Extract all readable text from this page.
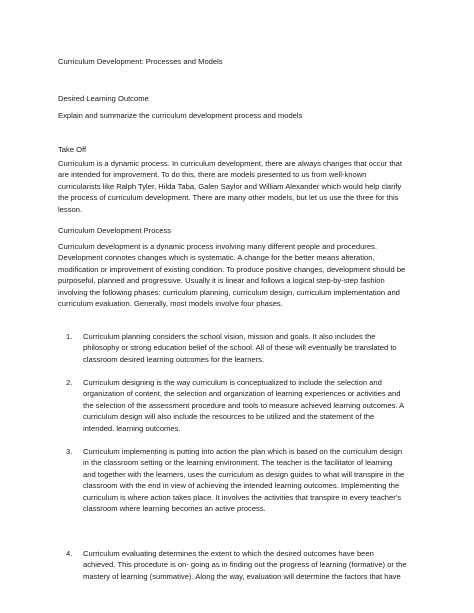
Curriculum Development: Processes and Models
Desired Learning Outcome
Explain and summarize the curriculum development process and models
Take Off
Curriculum is a dynamic process. In curriculum development, there are always changes that occur that
are intended for improvement. To do this, there are models presented to us from well-known
curricularists like Ralph Tyler, Hilda Taba, Galen Saylor and William Alexander which would help clarify
the process of curriculum development. There are many other models, but let us use the three for this
lesson.
Curriculum Development Process
Curriculum development is a dynamic process involving many different people and procedures.
Development connotes changes which is systematic. A change for the better means alteration,
modification or improvement of existing condition. To produce positive changes, development should be
purposeful, planned and progressive. Usually it is linear and follows a logical step-by-step fashion
involving the following phases: curriculum planning, curriculum design, curriculum implementation and
curriculum evaluation. Generally, most models involve four phases.
1. Curriculum planning considers the school vision, mission and goals. It also includes the
philosophy or strong education belief of the school. All of these will eventually be translated to
classroom desired learning outcomes for the learners.
2. Curriculum designing is the way curriculum is conceptualized to include the selection and
organization of content, the selection and organization of learning experiences or activities and
the selection of the assessment procedure and tools to measure achieved learning outcomes. A
curriculum design will also include the resources to be utilized and the statement of the
intended. learning outcomes.
3. Curriculum implementing is putting into action the plan which is based on the curriculum design
in the classroom setting or the learning environment. The teacher is the facilitator of learning
and together with the learners, uses the curriculum as design guides to what will transpire in the
classroom with the end in view of achieving the intended learning outcomes. Implementing the
curriculum is where action takes place. It involves the activities that transpire in every teacher's
classroom where learning becomes an active process.
4. Curriculum evaluating determines the extent to which the desired outcomes have been
achieved. This procedure is on- going as in finding out the progress of learning (formative) or the
mastery of learning (summative). Along the way, evaluation will determine the factors that have
